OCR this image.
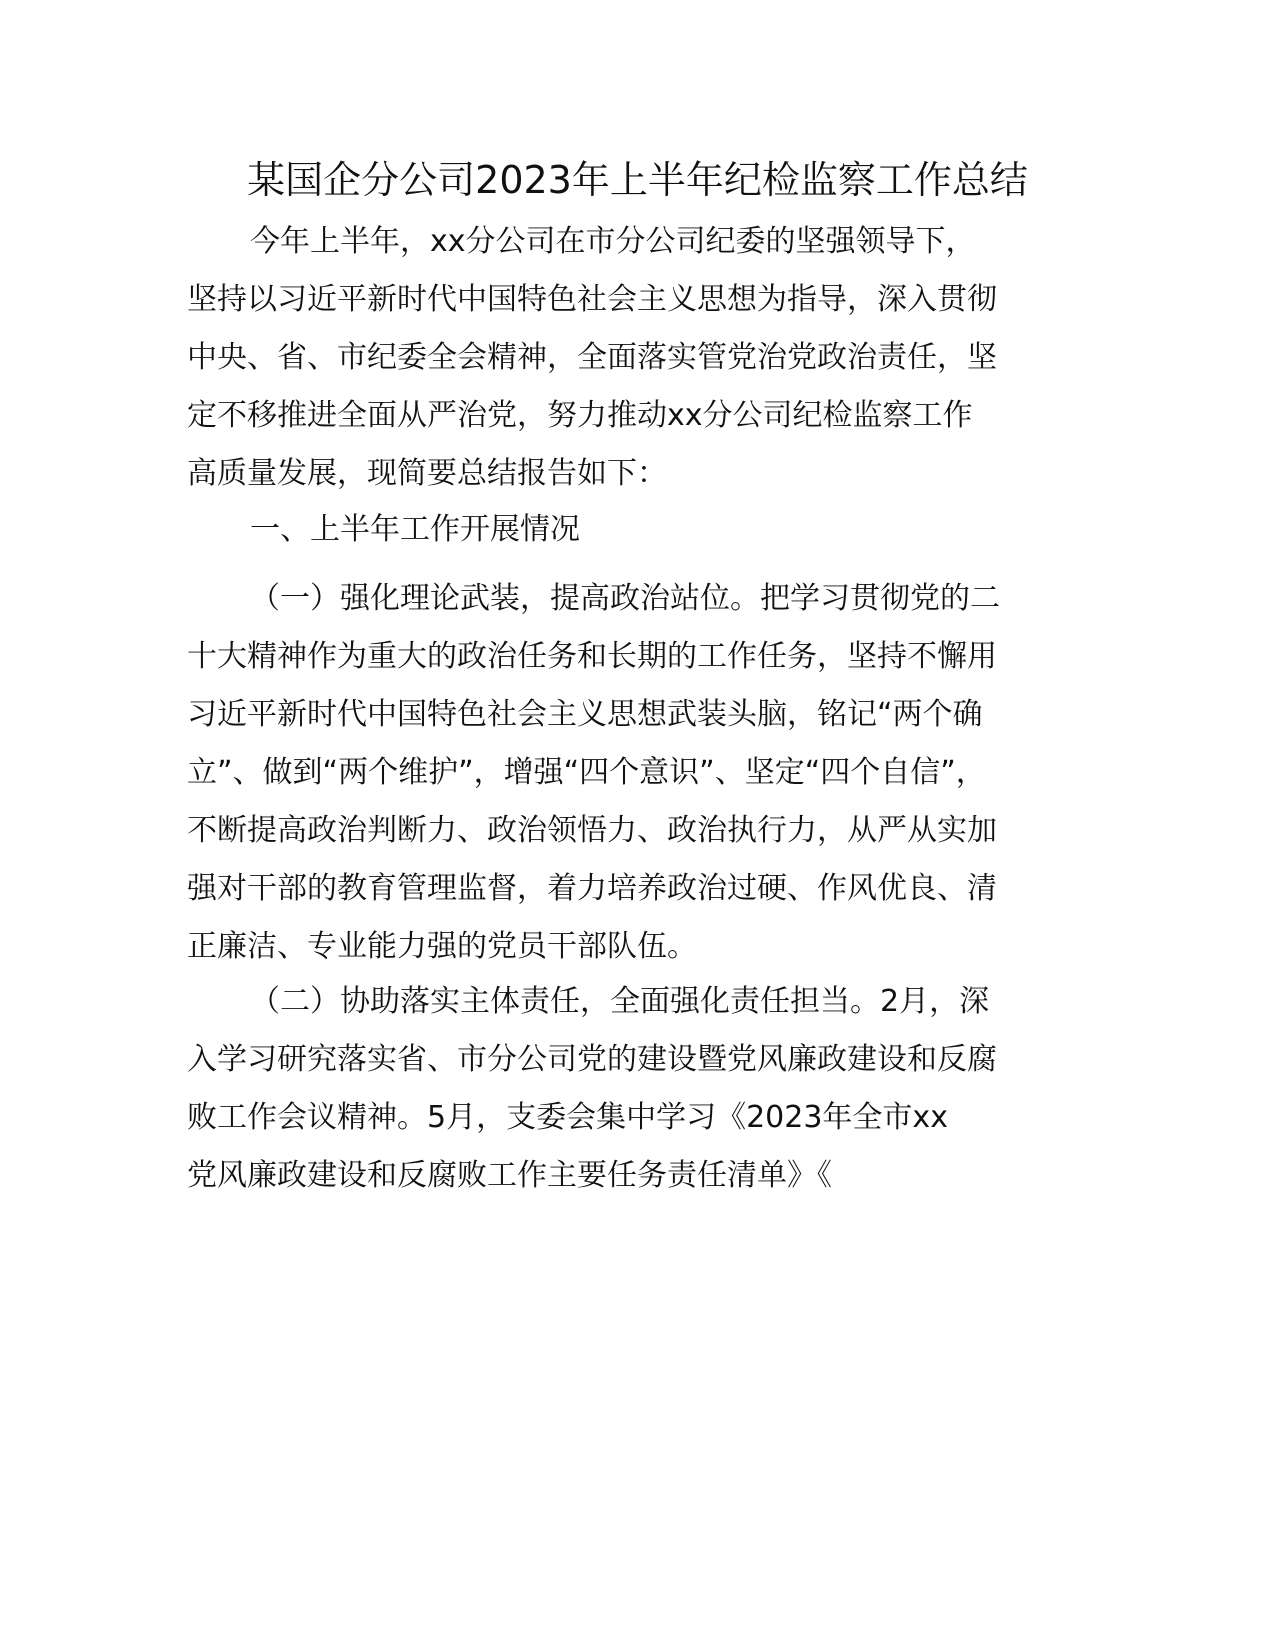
某国企分公司2023年上半年纪检监察工作总结
今年上半年，xx分公司在市分公司纪委的坚强领导下，
坚持以习近平新时代中国特色社会主义思想为指导，深入贯彻
中央、省、市纪委全会精神，全面落实管党治党政治责任，坚
定不移推进全面从严治党，努力推动xx分公司纪检监察工作
高质量发展，现简要总结报告如下：
一、上半年工作开展情况
（一）强化理论武装，提高政治站位。把学习贯彻党的二
十大精神作为重大的政治任务和长期的工作任务，坚持不懈用
习近平新时代中国特色社会主义思想武装头脑，铭记“两个确
立”、做到“两个维护”，增强“四个意识”、坚定“四个自信”，
不断提高政治判断力、政治领悟力、政治执行力，从严从实加
强对干部的教育管理监督，着力培养政治过硬、作风优良、清
正廉洁、专业能力强的党员干部队伍。
（二）协助落实主体责任，全面强化责任担当。2月，深
入学习研究落实省、市分公司党的建设暨党风廉政建设和反腐
败工作会议精神。5月，支委会集中学习《2023年全市xx
党风廉政建设和反腐败工作主要任务责任清单》《
